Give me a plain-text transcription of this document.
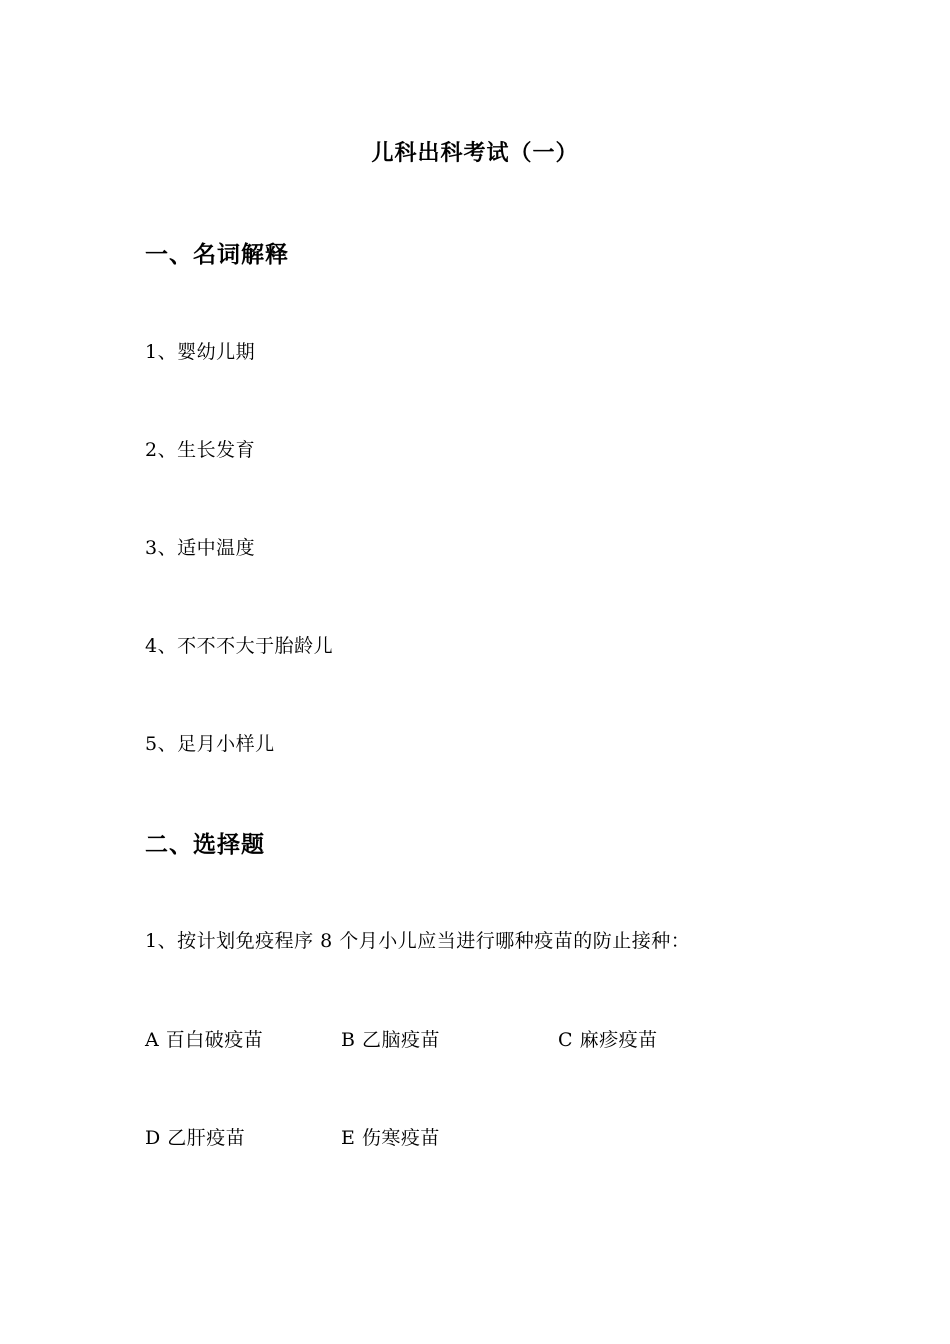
儿科出科考试（一）
一、名词解释
1、婴幼儿期
2、生长发育
3、适中温度
4、不不不大于胎龄儿
5、足月小样儿
二、选择题
1、按计划免疫程序 8 个月小儿应当进行哪种疫苗的防止接种：
A 百白破疫苗	B 乙脑疫苗	C 麻疹疫苗
D 乙肝疫苗	E 伤寒疫苗
